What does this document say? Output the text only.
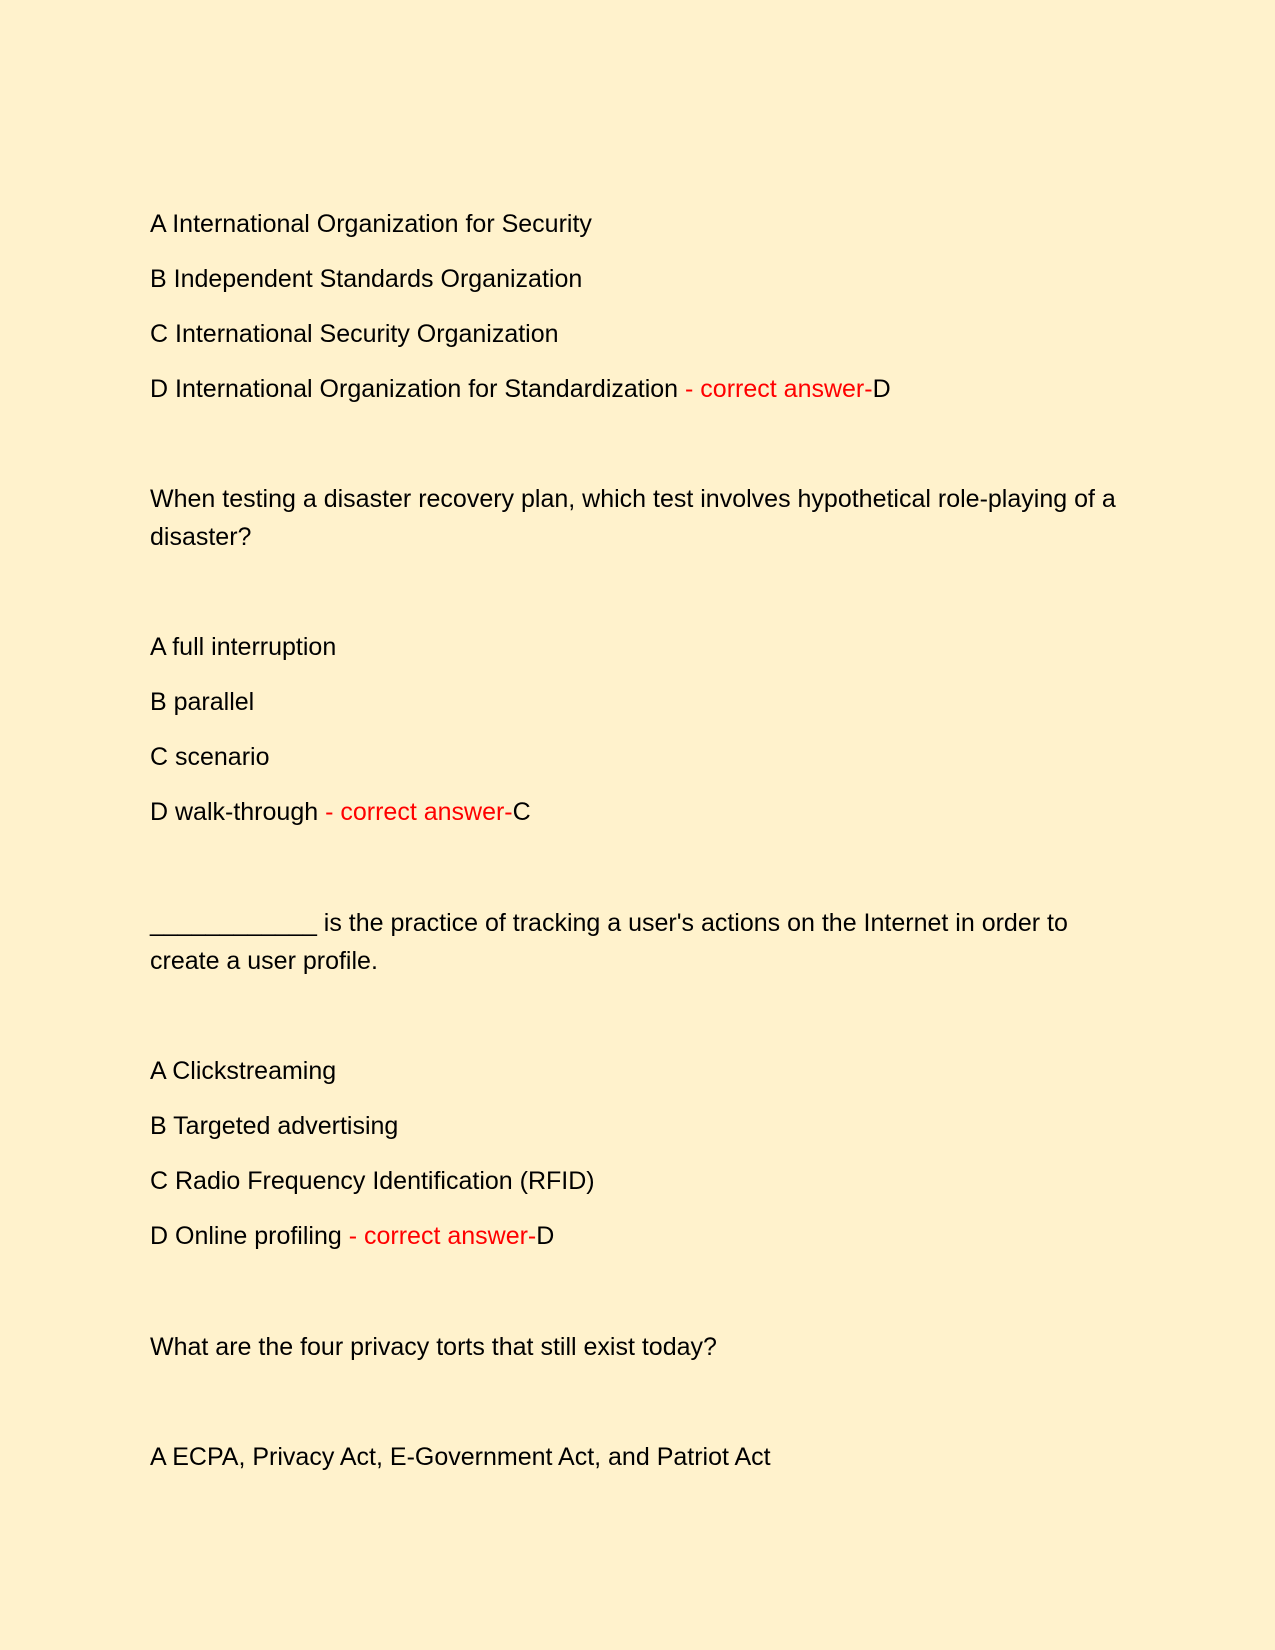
A International Organization for Security
B Independent Standards Organization
C International Security Organization
D International Organization for Standardization - correct answer-D
When testing a disaster recovery plan, which test involves hypothetical role-playing of a disaster?
A full interruption
B parallel
C scenario
D walk-through - correct answer-C
____________ is the practice of tracking a user's actions on the Internet in order to create a user profile.
A Clickstreaming
B Targeted advertising
C Radio Frequency Identification (RFID)
D Online profiling - correct answer-D
What are the four privacy torts that still exist today?
A ECPA, Privacy Act, E-Government Act, and Patriot Act
